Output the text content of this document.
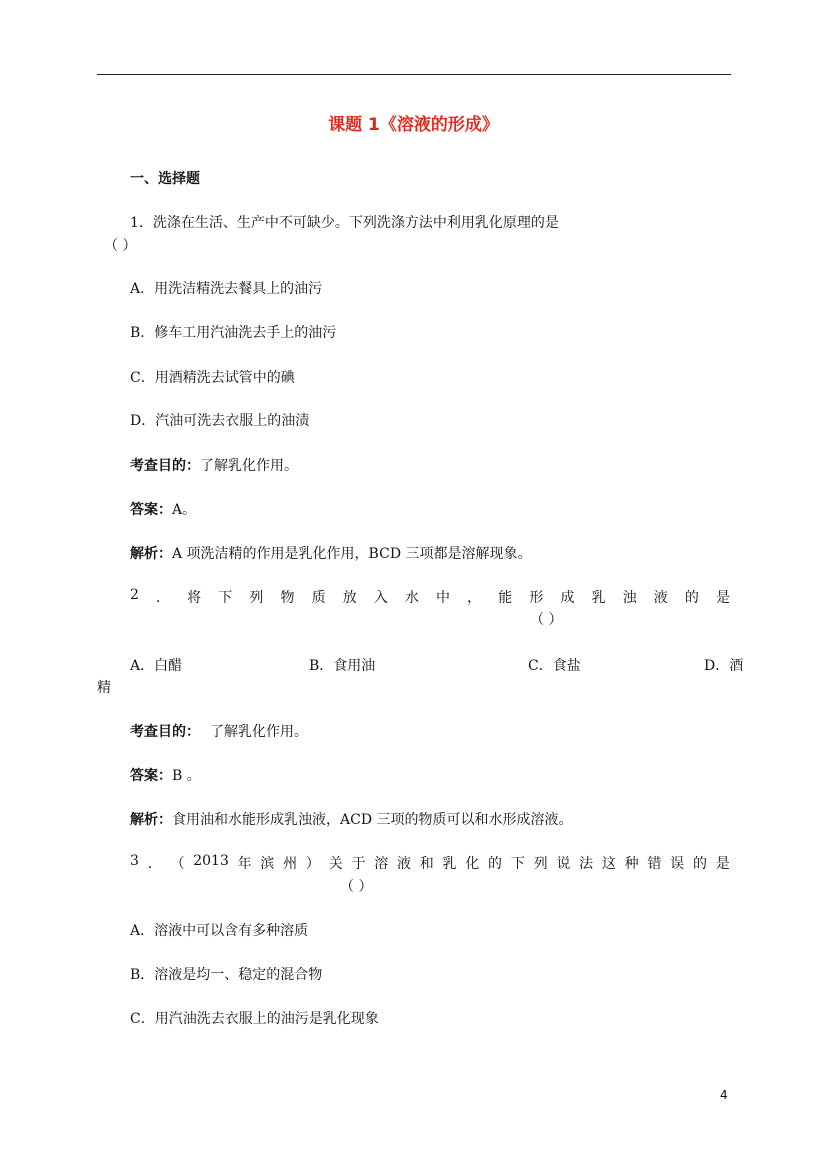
课题 1《溶液的形成》
一、选择题
1．洗涤在生活、生产中不可缺少。下列洗涤方法中利用乳化原理的是
（ ）
A．用洗洁精洗去餐具上的油污
B．修车工用汽油洗去手上的油污
C．用酒精洗去试管中的碘
D．汽油可洗去衣服上的油渍
考查目的：了解乳化作用。
答案：A。
解析：A 项洗洁精的作用是乳化作用，BCD 三项都是溶解现象。
2 ． 将 下 列 物 质 放 入 水 中 ， 能 形 成 乳 浊 液 的 是
（ ）
A．白醋	B．食用油	C．食盐	D．酒
精
考查目的： 了解乳化作用。
答案：B 。
解析：食用油和水能形成乳浊液，ACD 三项的物质可以和水形成溶液。
3 ． （ 2013 年 滨 州 ） 关 于 溶 液 和 乳 化 的 下 列 说 法 这 种 错 误 的 是
（ ）
A．溶液中可以含有多种溶质
B．溶液是均一、稳定的混合物
C．用汽油洗去衣服上的油污是乳化现象
4
